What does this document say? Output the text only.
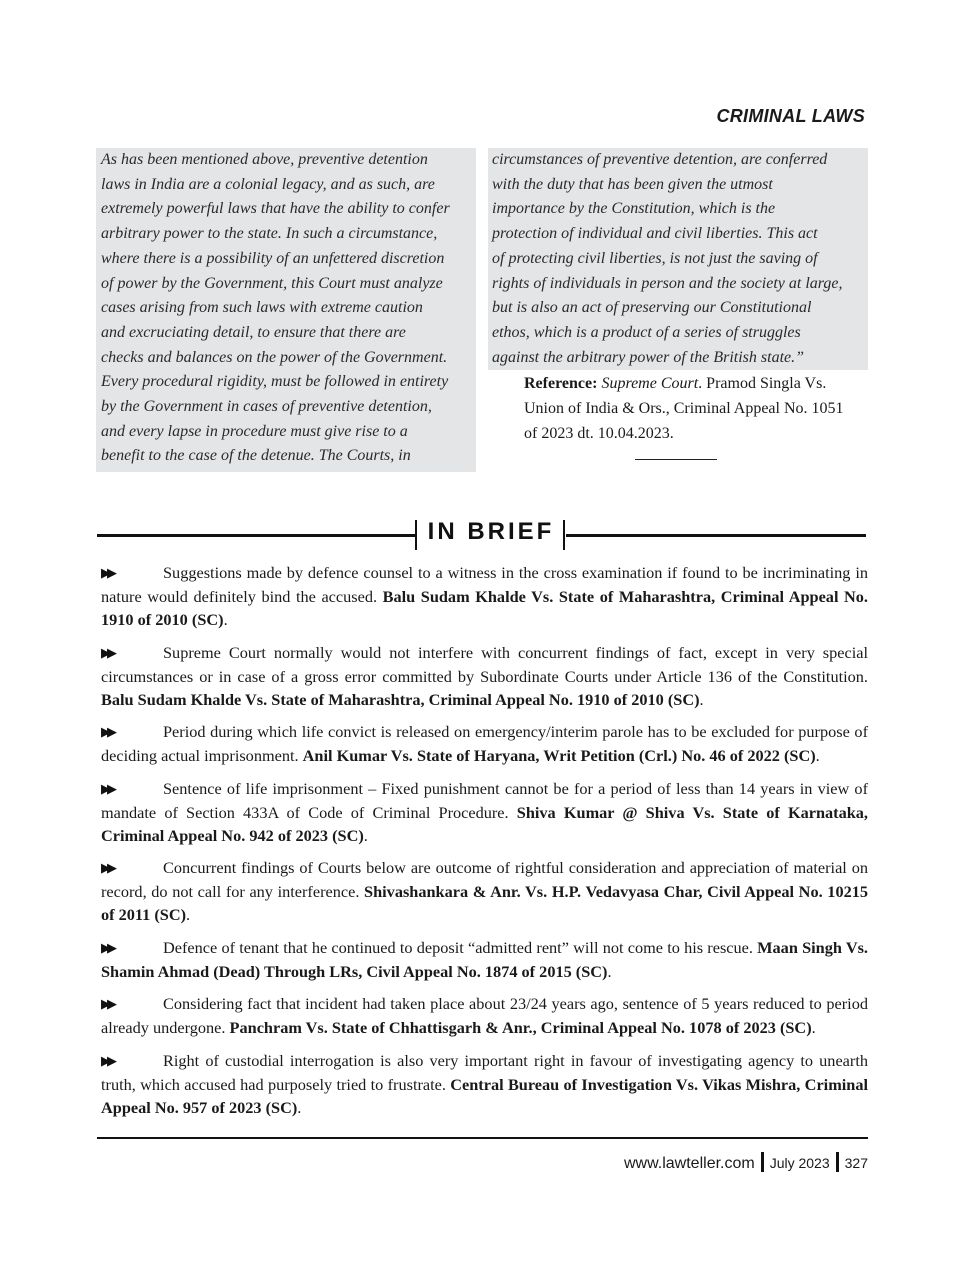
CRIMINAL LAWS

As has been mentioned above, preventive detention

laws in India are a colonial legacy, and as such, are

extremely powerful laws that have the ability to confer

arbitrary power to the state. In such a circumstance,

where there is a possibility of an unfettered discretion

of power by the Government, this Court must analyze

cases arising from such laws with extreme caution

and excruciating detail, to ensure that there are

checks and balances on the power of the Government.

Every procedural rigidity, must be followed in entirety

by the Government in cases of preventive detention,

and every lapse in procedure must give rise to a

benefit to the case of the detenue. The Courts, in

circumstances of preventive detention, are conferred

with the duty that has been given the utmost

importance by the Constitution, which is the

protection of individual and civil liberties. This act

of protecting civil liberties, is not just the saving of

rights of individuals in person and the society at large,

but is also an act of preserving our Constitutional

ethos, which is a product of a series of struggles

against the arbitrary power of the British state.”

Reference: Supreme Court. Pramod Singla Vs. Union of India & Ors., Criminal Appeal No. 1051 of 2023 dt. 10.04.2023.
IN BRIEF
▶▶	Suggestions made by defence counsel to a witness in the cross examination if found to be incriminating in nature would definitely bind the accused. Balu Sudam Khalde Vs. State of Maharashtra, Criminal Appeal No. 1910 of 2010 (SC).
▶▶	Supreme Court normally would not interfere with concurrent findings of fact, except in very special circumstances or in case of a gross error committed by Subordinate Courts under Article 136 of the Constitution. Balu Sudam Khalde Vs. State of Maharashtra, Criminal Appeal No. 1910 of 2010 (SC).
▶▶	Period during which life convict is released on emergency/interim parole has to be excluded for purpose of deciding actual imprisonment. Anil Kumar Vs. State of Haryana, Writ Petition (Crl.) No. 46 of 2022 (SC).
▶▶	Sentence of life imprisonment – Fixed punishment cannot be for a period of less than 14 years in view of mandate of Section 433A of Code of Criminal Procedure. Shiva Kumar @ Shiva Vs. State of Karnataka, Criminal Appeal No. 942 of 2023 (SC).
▶▶	Concurrent findings of Courts below are outcome of rightful consideration and appreciation of material on record, do not call for any interference. Shivashankara & Anr. Vs. H.P. Vedavyasa Char, Civil Appeal No. 10215 of 2011 (SC).
▶▶	Defence of tenant that he continued to deposit “admitted rent” will not come to his rescue. Maan Singh Vs. Shamin Ahmad (Dead) Through LRs, Civil Appeal No. 1874 of 2015 (SC).
▶▶	Considering fact that incident had taken place about 23/24 years ago, sentence of 5 years reduced to period already undergone. Panchram Vs. State of Chhattisgarh & Anr., Criminal Appeal No. 1078 of 2023 (SC).
▶▶	Right of custodial interrogation is also very important right in favour of investigating agency to unearth truth, which accused had purposely tried to frustrate. Central Bureau of Investigation Vs. Vikas Mishra, Criminal Appeal No. 957 of 2023 (SC).
www.lawteller.com July 2023 327
